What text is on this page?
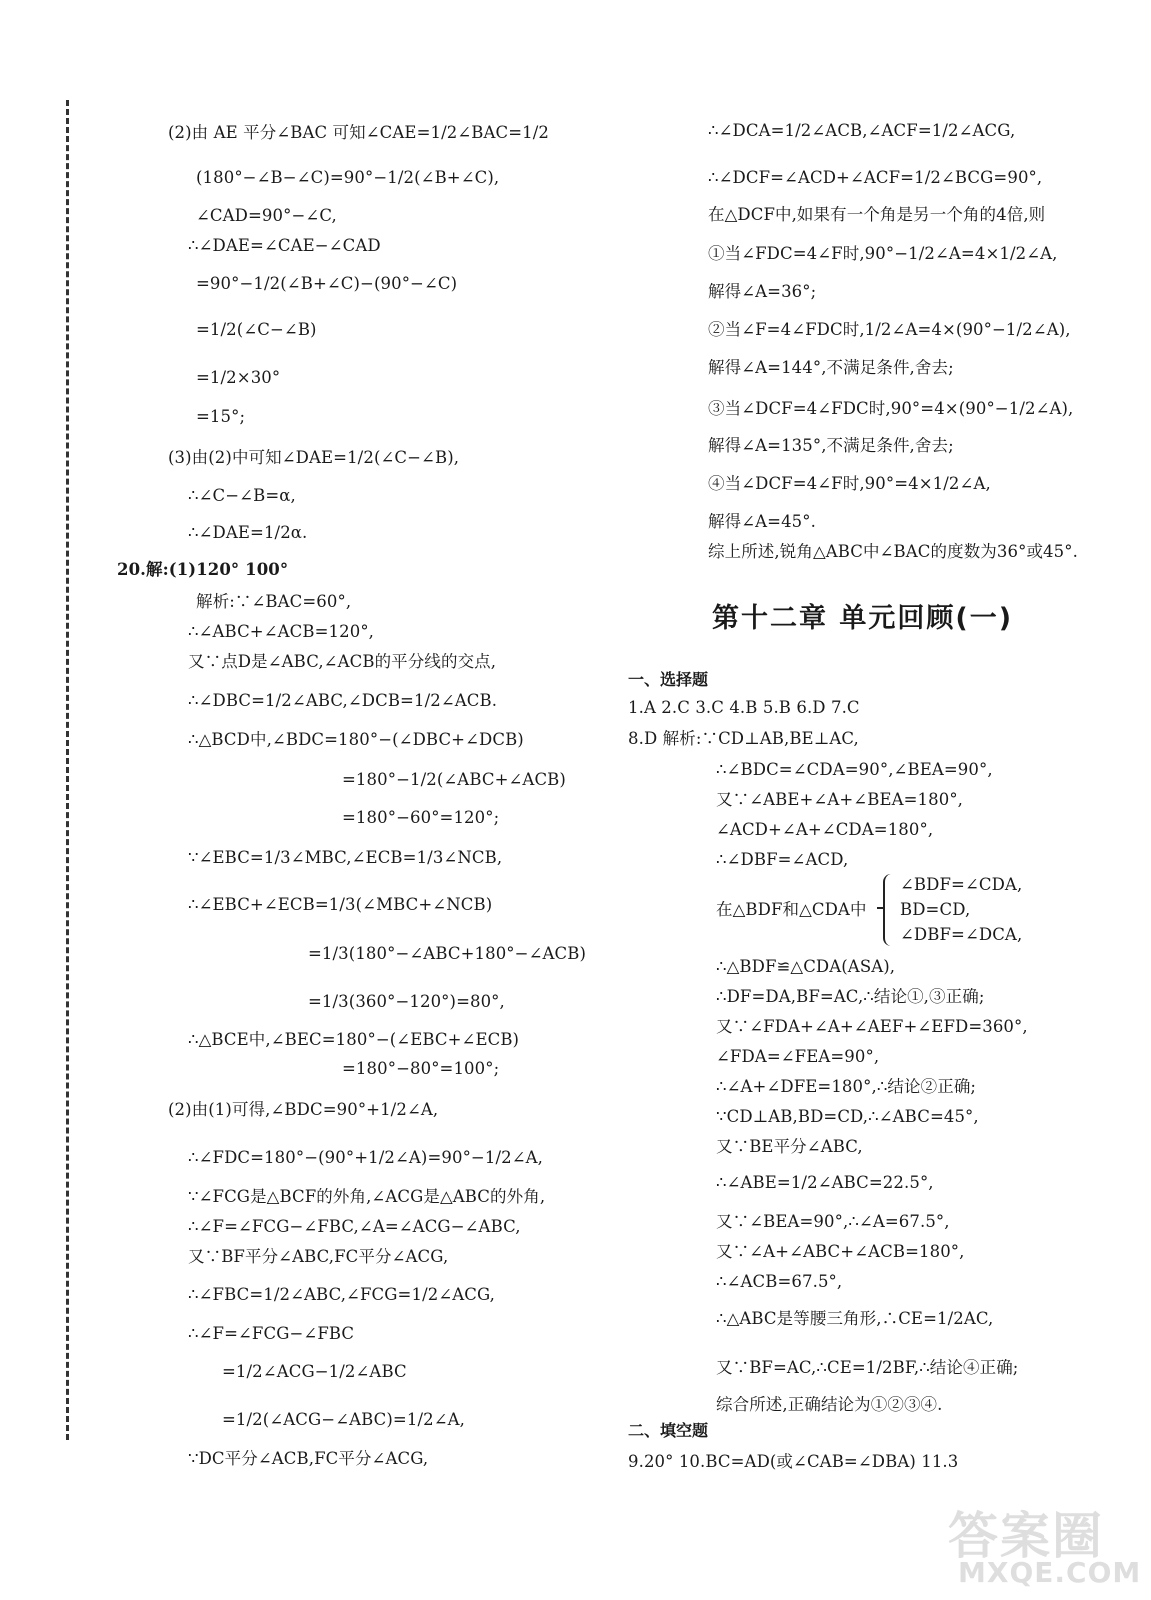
(2)由 AE 平分∠BAC 可知∠CAE=1/2∠BAC=1/2
(180°−∠B−∠C)=90°−1/2(∠B+∠C),
∠CAD=90°−∠C,
∴∠DAE=∠CAE−∠CAD
=90°−1/2(∠B+∠C)−(90°−∠C)
=1/2(∠C−∠B)
=1/2×30°
=15°;
(3)由(2)中可知∠DAE=1/2(∠C−∠B),
∴∠C−∠B=α,
∴∠DAE=1/2α.
20.解:(1)120° 100°
解析:∵∠BAC=60°,
∴∠ABC+∠ACB=120°,
又∵点D是∠ABC,∠ACB的平分线的交点,
∴∠DBC=1/2∠ABC,∠DCB=1/2∠ACB.
∴△BCD中,∠BDC=180°−(∠DBC+∠DCB)
=180°−1/2(∠ABC+∠ACB)
=180°−60°=120°;
∵∠EBC=1/3∠MBC,∠ECB=1/3∠NCB,
∴∠EBC+∠ECB=1/3(∠MBC+∠NCB)
=1/3(180°−∠ABC+180°−∠ACB)
=1/3(360°−120°)=80°,
∴△BCE中,∠BEC=180°−(∠EBC+∠ECB)
=180°−80°=100°;
(2)由(1)可得,∠BDC=90°+1/2∠A,
∴∠FDC=180°−(90°+1/2∠A)=90°−1/2∠A,
∵∠FCG是△BCF的外角,∠ACG是△ABC的外角,
∴∠F=∠FCG−∠FBC,∠A=∠ACG−∠ABC,
又∵BF平分∠ABC,FC平分∠ACG,
∴∠FBC=1/2∠ABC,∠FCG=1/2∠ACG,
∴∠F=∠FCG−∠FBC
=1/2∠ACG−1/2∠ABC
=1/2(∠ACG−∠ABC)=1/2∠A,
∵DC平分∠ACB,FC平分∠ACG,
∴∠DCA=1/2∠ACB,∠ACF=1/2∠ACG,
∴∠DCF=∠ACD+∠ACF=1/2∠BCG=90°,
在△DCF中,如果有一个角是另一个角的4倍,则
①当∠FDC=4∠F时,90°−1/2∠A=4×1/2∠A,
解得∠A=36°;
②当∠F=4∠FDC时,1/2∠A=4×(90°−1/2∠A),
解得∠A=144°,不满足条件,舍去;
③当∠DCF=4∠FDC时,90°=4×(90°−1/2∠A),
解得∠A=135°,不满足条件,舍去;
④当∠DCF=4∠F时,90°=4×1/2∠A,
解得∠A=45°.
综上所述,锐角△ABC中∠BAC的度数为36°或45°.
1.A 2.C 3.C 4.B 5.B 6.D 7.C
8.D 解析:∵CD⊥AB,BE⊥AC,
∴∠BDC=∠CDA=90°,∠BEA=90°,
又∵∠ABE+∠A+∠BEA=180°,
∠ACD+∠A+∠CDA=180°,
∴∠DBF=∠ACD,
在△BDF和△CDA中
∠BDF=∠CDA,
BD=CD,
∠DBF=∠DCA,
∴△BDF≌△CDA(ASA),
∴DF=DA,BF=AC,∴结论①,③正确;
又∵∠FDA+∠A+∠AEF+∠EFD=360°,
∠FDA=∠FEA=90°,
∴∠A+∠DFE=180°,∴结论②正确;
∵CD⊥AB,BD=CD,∴∠ABC=45°,
又∵BE平分∠ABC,
∴∠ABE=1/2∠ABC=22.5°,
又∵∠BEA=90°,∴∠A=67.5°,
又∵∠A+∠ABC+∠ACB=180°,
∴∠ACB=67.5°,
∴△ABC是等腰三角形,∴CE=1/2AC,
又∵BF=AC,∴CE=1/2BF,∴结论④正确;
综合所述,正确结论为①②③④.
9.20° 10.BC=AD(或∠CAB=∠DBA) 11.3
第十二章 单元回顾(一)
一、选择题
二、填空题
答案圈
MXQE.COM
